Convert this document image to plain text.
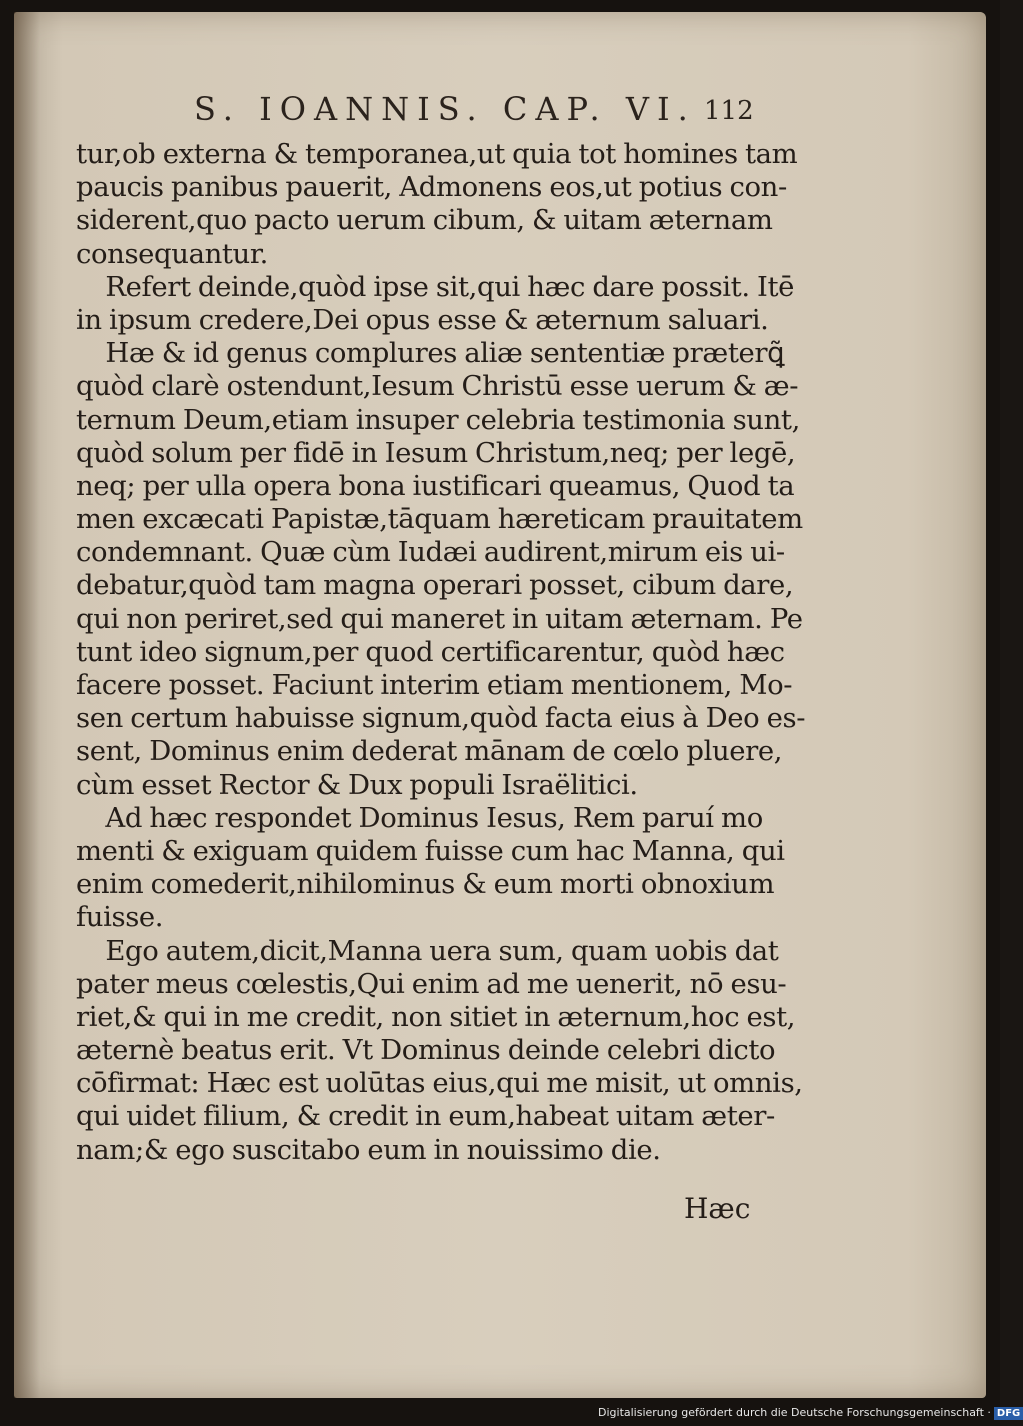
S. IOANNIS. CAP. VI. 112
tur,ob externa & temporanea,ut quia tot homines tam
paucis panibus pauerit, Admonens eos,ut potius con-
siderent,quo pacto uerum cibum, & uitam æternam
consequantur.
Refert deinde,quòd ipse sit,qui hæc dare possit. Itē
in ipsum credere,Dei opus esse & æternum saluari.
Hæ & id genus complures aliæ sententiæ præterꝗ̃
quòd clarè ostendunt,Iesum Christū esse uerum & æ-
ternum Deum,etiam insuper celebria testimonia sunt,
quòd solum per fidē in Iesum Christum,neq; per legē,
neq; per ulla opera bona iustificari queamus, Quod ta
men excæcati Papistæ,tāquam hæreticam prauitatem
condemnant. Quæ cùm Iudæi audirent,mirum eis ui-
debatur,quòd tam magna operari posset, cibum dare,
qui non periret,sed qui maneret in uitam æternam. Pe
tunt ideo signum,per quod certificarentur, quòd hæc
facere posset. Faciunt interim etiam mentionem, Mo-
sen certum habuisse signum,quòd facta eius à Deo es-
sent, Dominus enim dederat mānam de cœlo pluere,
cùm esset Rector & Dux populi Israëlitici.
Ad hæc respondet Dominus Iesus, Rem paruí mo
menti & exiguam quidem fuisse cum hac Manna, qui
enim comederit,nihilominus & eum morti obnoxium
fuisse.
Ego autem,dicit,Manna uera sum, quam uobis dat
pater meus cœlestis,Qui enim ad me uenerit, nō esu-
riet,& qui in me credit, non sitiet in æternum,hoc est,
æternè beatus erit. Vt Dominus deinde celebri dicto
cōfirmat: Hæc est uolūtas eius,qui me misit, ut omnis,
qui uidet filium, & credit in eum,habeat uitam æter-
nam;& ego suscitabo eum in nouissimo die.
Hæc
Digitalisierung gefördert durch die Deutsche Forschungsgemeinschaft · DFG
